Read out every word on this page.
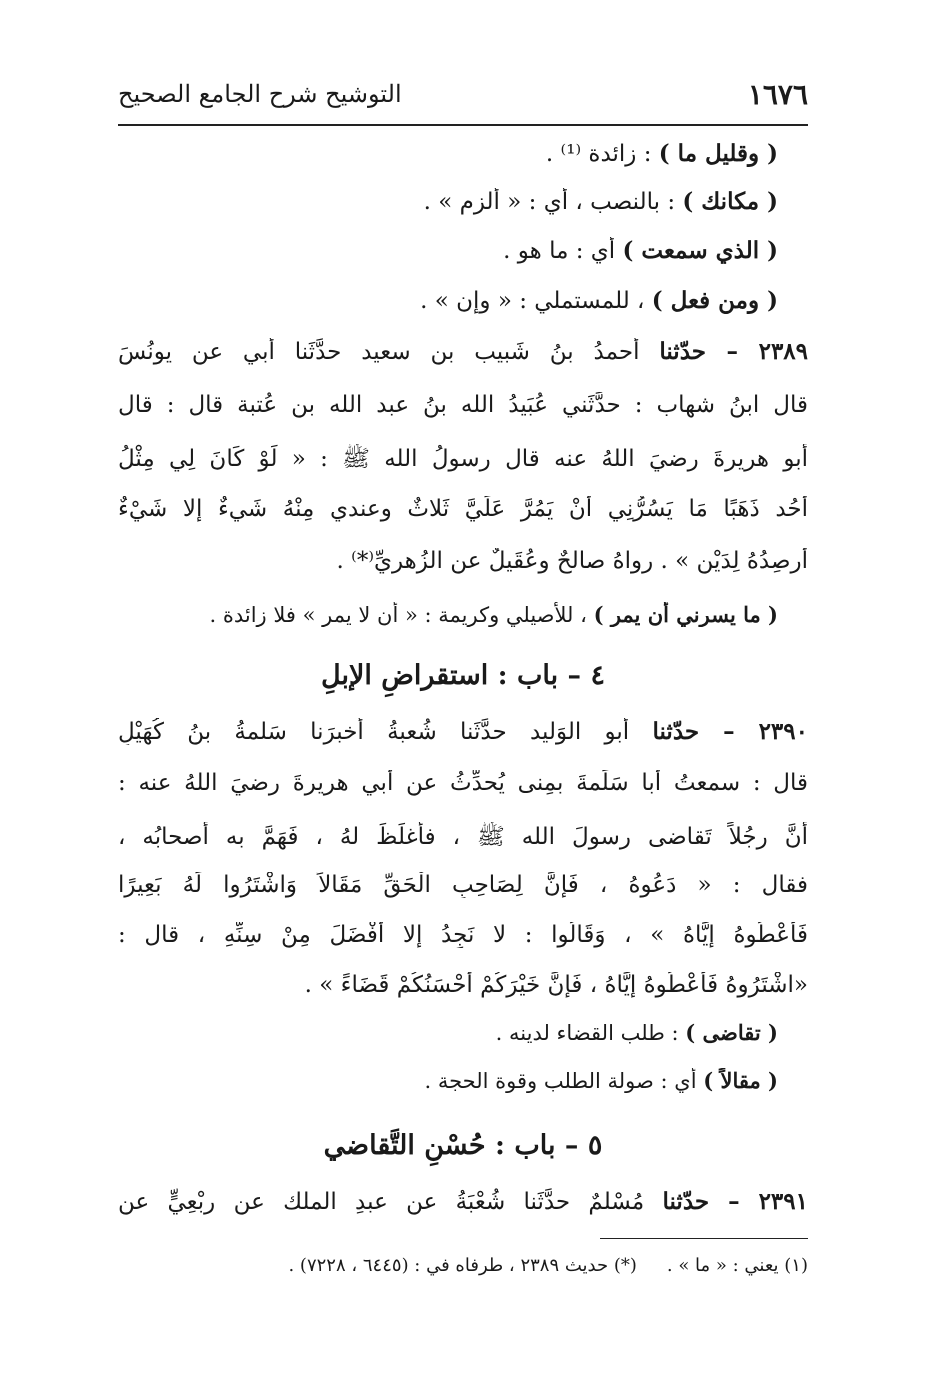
١٦٧٦
التوشيح شرح الجامع الصحيح
( وقليل ما ) : زائدة ⁽¹⁾ .
( مكانك ) : بالنصب ، أي : « ألزم » .
( الذي سمعت ) أي : ما هو .
( ومن فعل ) ، للمستملي : « وإن » .
٢٣٨٩ – حدّثنا أحمدُ بنُ شَبيب بن سعيد حدَّثَنا أَبي عن يونُسَ
قال ابنُ شهاب : حدَّثَني عُبَيدُ الله بنُ عبد الله بن عُتبة قال : قال
أبو هريرةَ رضيَ اللهُ عنه قال رسولُ الله ﷺ : « لَوْ كَانَ لِي مِثْلُ
أُحُد ذَهَبًا مَا يَسُرُّنِي أَنْ يَمُرَّ عَلَيَّ ثَلاثٌ وعندي مِنْهُ شَيءٌ إلا شَيْءٌ
أُرصِدُهُ لِدَيْنٍ » . رواهُ صالحٌ وعُقَيلٌ عنِ الزُهريِّ⁽*⁾ .
( ما يسرني أن يمر ) ، للأصيلي وكريمة : « أن لا يمر » فلا زائدة .
٤ – باب : استقراضِ الإبلِ
٢٣٩٠ – حدّثنا أبو الوَليد حدَّثَنا شُعبةُ أخبرَنا سَلمةُ بنُ كُهَيْلٍ
قال : سمعتُ أَبا سَلَمةَ بمِنى يُحدِّثُ عن أبي هريرةَ رضيَ اللهُ عنه :
أنَّ رجُلاً تَقاضى رسولَ الله ﷺ ، فأَغلَظَ لهُ ، فَهَمَّ به أصحابُه ،
فقال : « دَعُوهُ ، فَإِنَّ لِصَاحِبِ الْحَقِّ مَقَالاً وَاشْتَرُوا لَهُ بَعِيرًا
فَأَعْطُوهُ إِيَّاهُ » ، وَقَالُوا : لا نَجِدُ إلا أَفْضَلَ مِنْ سِنِّهِ ، قال :
«اشْتَرُوهُ فَأَعْطُوهُ إِيَّاهُ ، فَإِنَّ خَيْرَكُمْ أَحْسَنُكُمْ قَضَاءً » .
( تقاضى ) : طلب القضاء لدينه .
( مقالاً ) أي : صولة الطلب وقوة الحجة .
٥ – باب : حُسْنِ التَّقاضي
٢٣٩١ – حدّثنا مُسْلمٌ حدَّثَنا شُعْبَةُ عن عبدِ الملك عن رِبْعِيٍّ عن
(١) يعني : « ما » .(*) حديث ٢٣٨٩ ، طرفاه في : (٦٤٤٥ ، ٧٢٢٨) .
